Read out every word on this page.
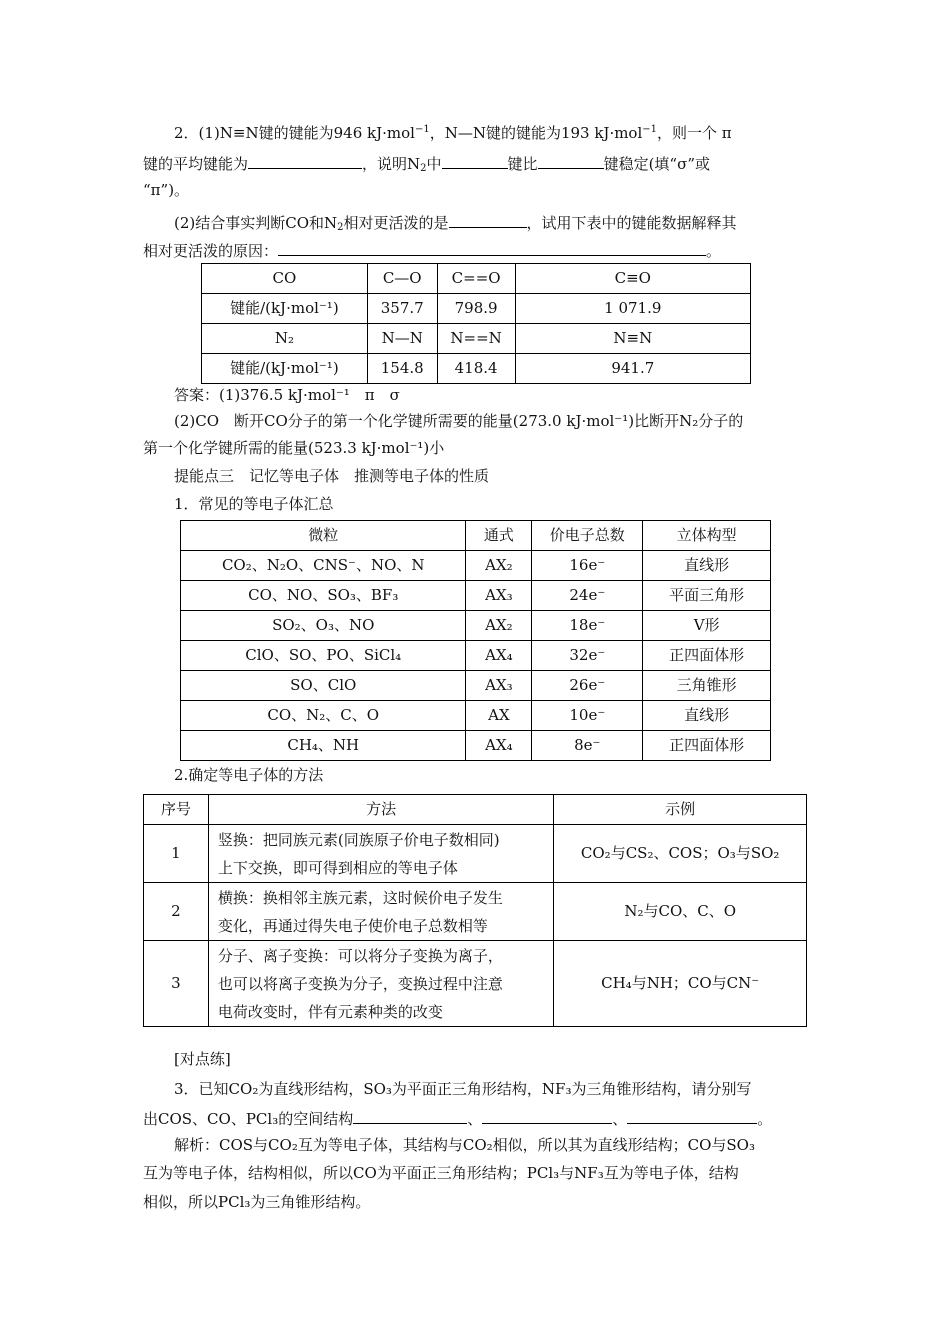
2．(1)N≡N键的键能为946 kJ·mol$^{-1}$，N—N键的键能为193 kJ·mol$^{-1}$，则一个 π
键的平均键能为	，说明$N_2$中	键比	键稳定(填“σ”或
“π”)。
(2)结合事实判断CO和$N_2$相对更活泼的是	，试用下表中的键能数据解释其
相对更活泼的原因：	。
CO	C—O	C==O	C≡O
键能/(kJ·mol⁻¹)	357.7	798.9	1 071.9
N₂	N—N	N==N	N≡N
键能/(kJ·mol⁻¹)	154.8	418.4	941.7
答案：(1)376.5 kJ·mol⁻¹　π　σ
(2)CO　断开CO分子的第一个化学键所需要的能量(273.0 kJ·mol⁻¹)比断开N₂分子的
第一个化学键所需的能量(523.3 kJ·mol⁻¹)小
提能点三　记忆等电子体　推测等电子体的性质
1．常见的等电子体汇总
微粒	通式	价电子总数	立体构型
CO₂、N₂O、CNS⁻、NO、N	AX₂	16e⁻	直线形
CO、NO、SO₃、BF₃	AX₃	24e⁻	平面三角形
SO₂、O₃、NO	AX₂	18e⁻	V形
ClO、SO、PO、SiCl₄	AX₄	32e⁻	正四面体形
SO、ClO	AX₃	26e⁻	三角锥形
CO、N₂、C、O	AX	10e⁻	直线形
CH₄、NH	AX₄	8e⁻	正四面体形
2.确定等电子体的方法
序号	方法	示例
1	竖换：把同族元素(同族原子价电子数相同)
上下交换，即可得到相应的等电子体	CO₂与CS₂、COS；O₃与SO₂
2	横换：换相邻主族元素，这时候价电子发生
变化，再通过得失电子使价电子总数相等	N₂与CO、C、O
3	分子、离子变换：可以将分子变换为离子，
也可以将离子变换为分子，变换过程中注意
电荷改变时，伴有元素种类的改变	CH₄与NH；CO与CN⁻
[对点练]
3．已知CO₂为直线形结构，SO₃为平面正三角形结构，NF₃为三角锥形结构，请分别写
出COS、CO、PCl₃的空间结构	、	、	。
解析：COS与CO₂互为等电子体，其结构与CO₂相似，所以其为直线形结构；CO与SO₃
互为等电子体，结构相似，所以CO为平面正三角形结构；PCl₃与NF₃互为等电子体，结构
相似，所以PCl₃为三角锥形结构。
